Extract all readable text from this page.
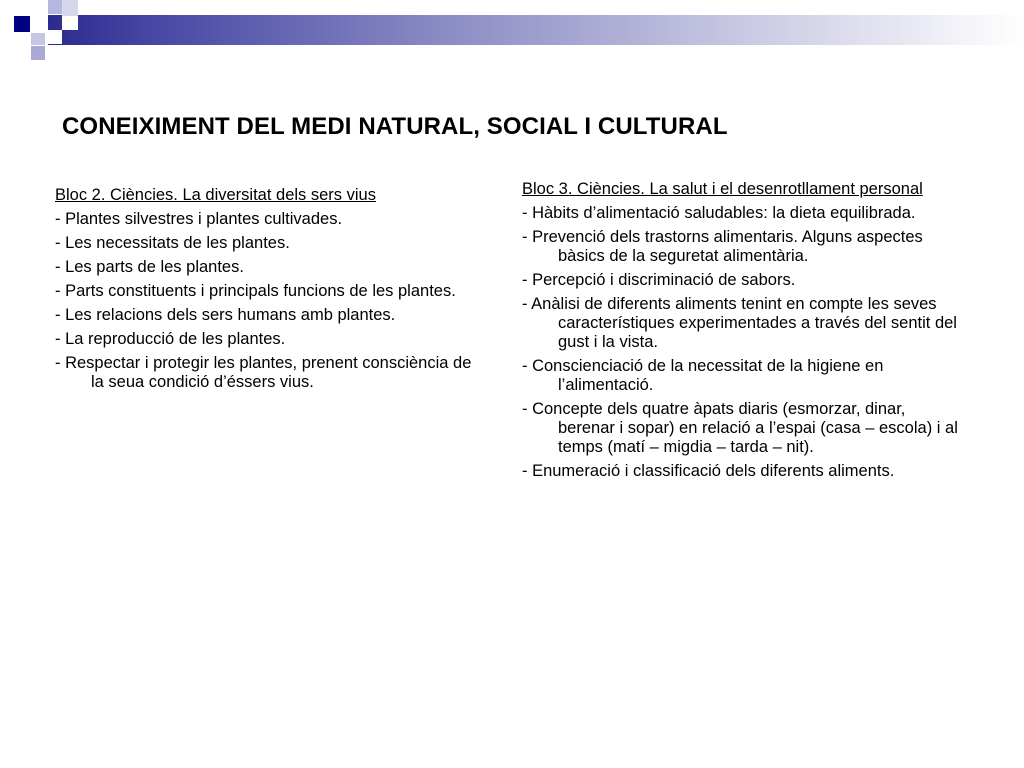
CONEIXIMENT DEL MEDI NATURAL, SOCIAL I CULTURAL

Bloc 2. Ciències. La diversitat dels sers vius

- Plantes silvestres i plantes cultivades.

- Les necessitats de les plantes.

- Les parts de les plantes.

- Parts constituents i principals funcions de les plantes.

- Les relacions dels sers humans amb plantes.

- La reproducció de les plantes.

- Respectar i protegir les plantes, prenent consciència de la seua condició d’éssers vius.

Bloc 3. Ciències. La salut i el desenrotllament personal

- Hàbits d’alimentació saludables: la dieta equilibrada.

- Prevenció dels trastorns alimentaris. Alguns aspectes bàsics de la seguretat alimentària.

- Percepció i discriminació de sabors.

- Anàlisi de diferents aliments tenint en compte les seves característiques experimentades a través del sentit del gust i la vista.

- Conscienciació de la necessitat de la higiene en l’alimentació.

- Concepte dels quatre àpats diaris (esmorzar, dinar, berenar i sopar) en relació a l’espai (casa – escola) i al temps (matí – migdia – tarda – nit).

- Enumeració i classificació dels diferents aliments.
